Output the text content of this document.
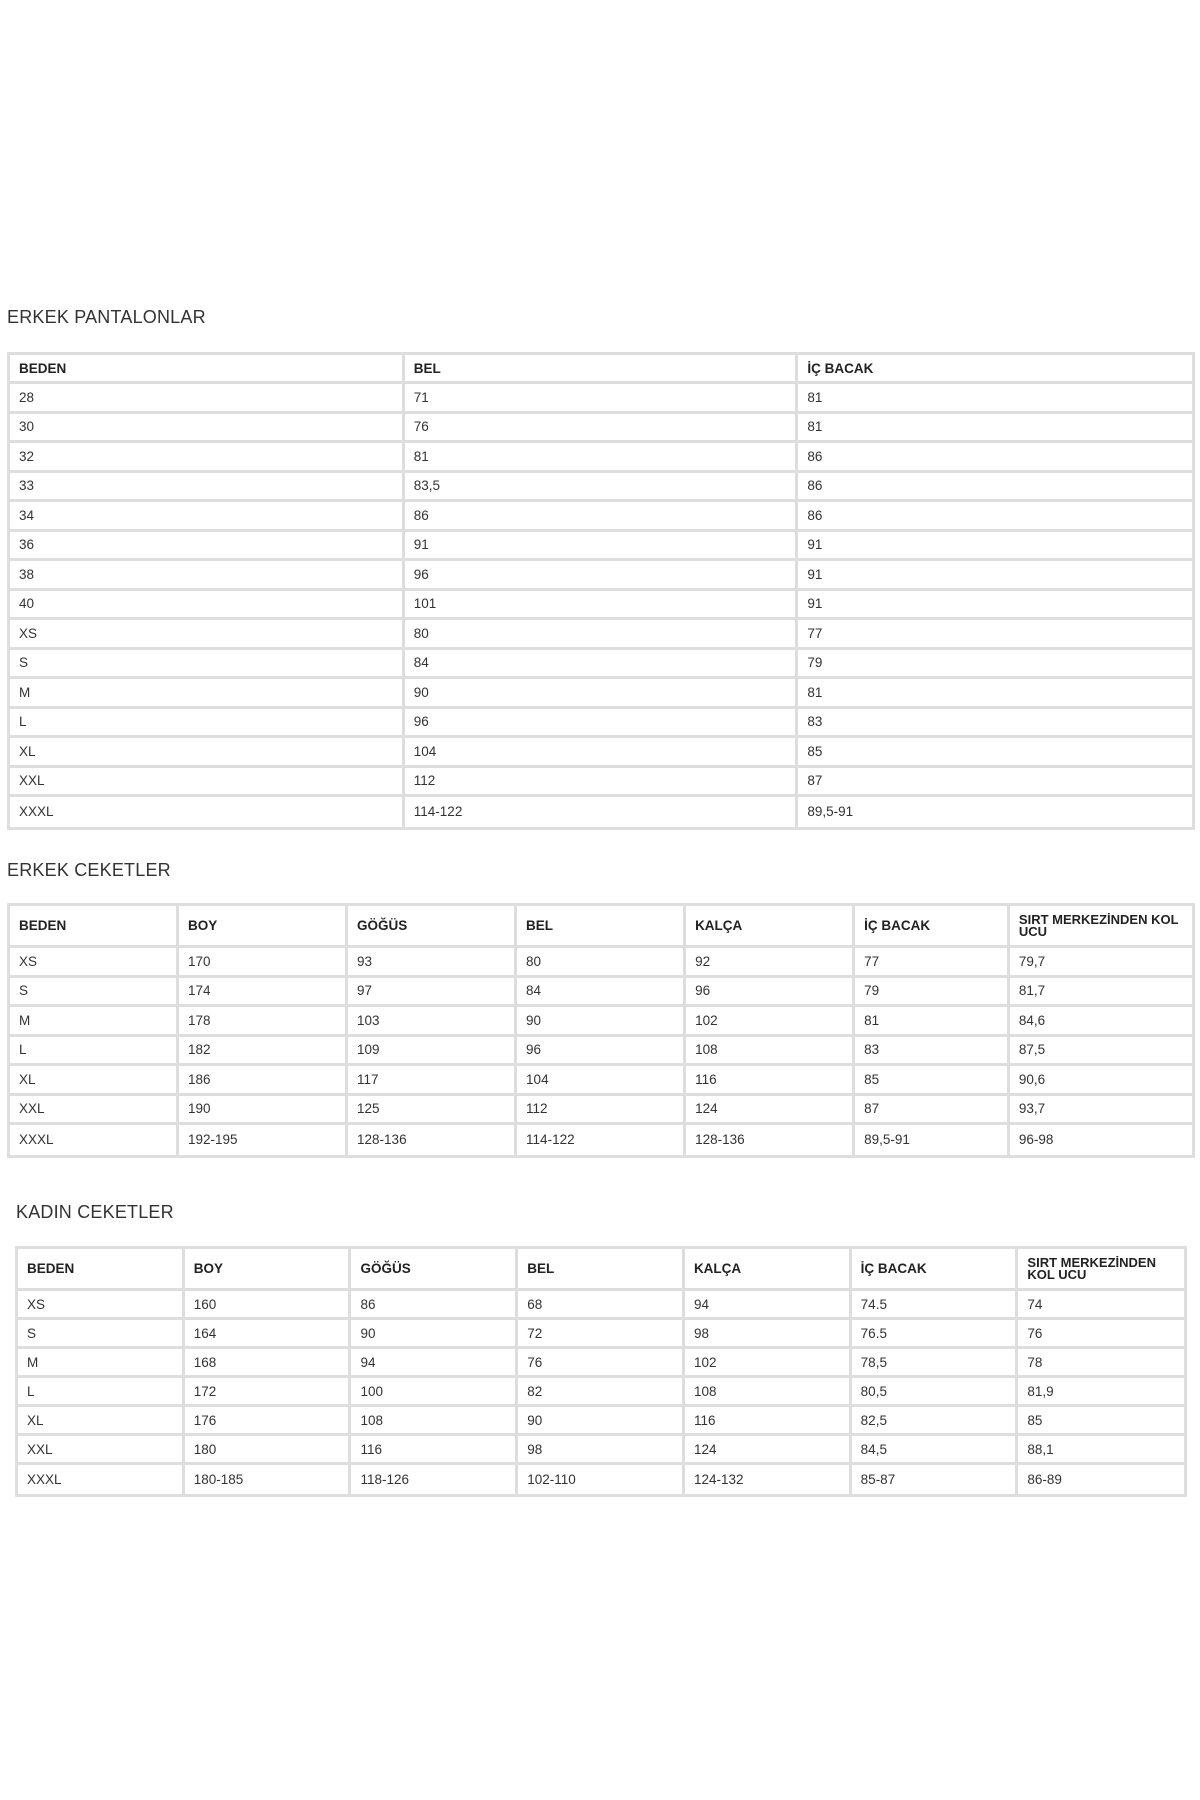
ERKEK PANTALONLAR
BEDEN	BEL	İÇ BACAK
28	71	81
30	76	81
32	81	86
33	83,5	86
34	86	86
36	91	91
38	96	91
40	101	91
XS	80	77
S	84	79
M	90	81
L	96	83
XL	104	85
XXL	112	87
XXXL	114-122	89,5-91
ERKEK CEKETLER
BEDEN	BOY	GÖĞÜS	BEL	KALÇA	İÇ BACAK	SIRT MERKEZİNDEN KOL UCU
XS	170	93	80	92	77	79,7
S	174	97	84	96	79	81,7
M	178	103	90	102	81	84,6
L	182	109	96	108	83	87,5
XL	186	117	104	116	85	90,6
XXL	190	125	112	124	87	93,7
XXXL	192-195	128-136	114-122	128-136	89,5-91	96-98
KADIN CEKETLER
BEDEN	BOY	GÖĞÜS	BEL	KALÇA	İÇ BACAK	SIRT MERKEZİNDEN KOL UCU
XS	160	86	68	94	74.5	74
S	164	90	72	98	76.5	76
M	168	94	76	102	78,5	78
L	172	100	82	108	80,5	81,9
XL	176	108	90	116	82,5	85
XXL	180	116	98	124	84,5	88,1
XXXL	180-185	118-126	102-110	124-132	85-87	86-89
